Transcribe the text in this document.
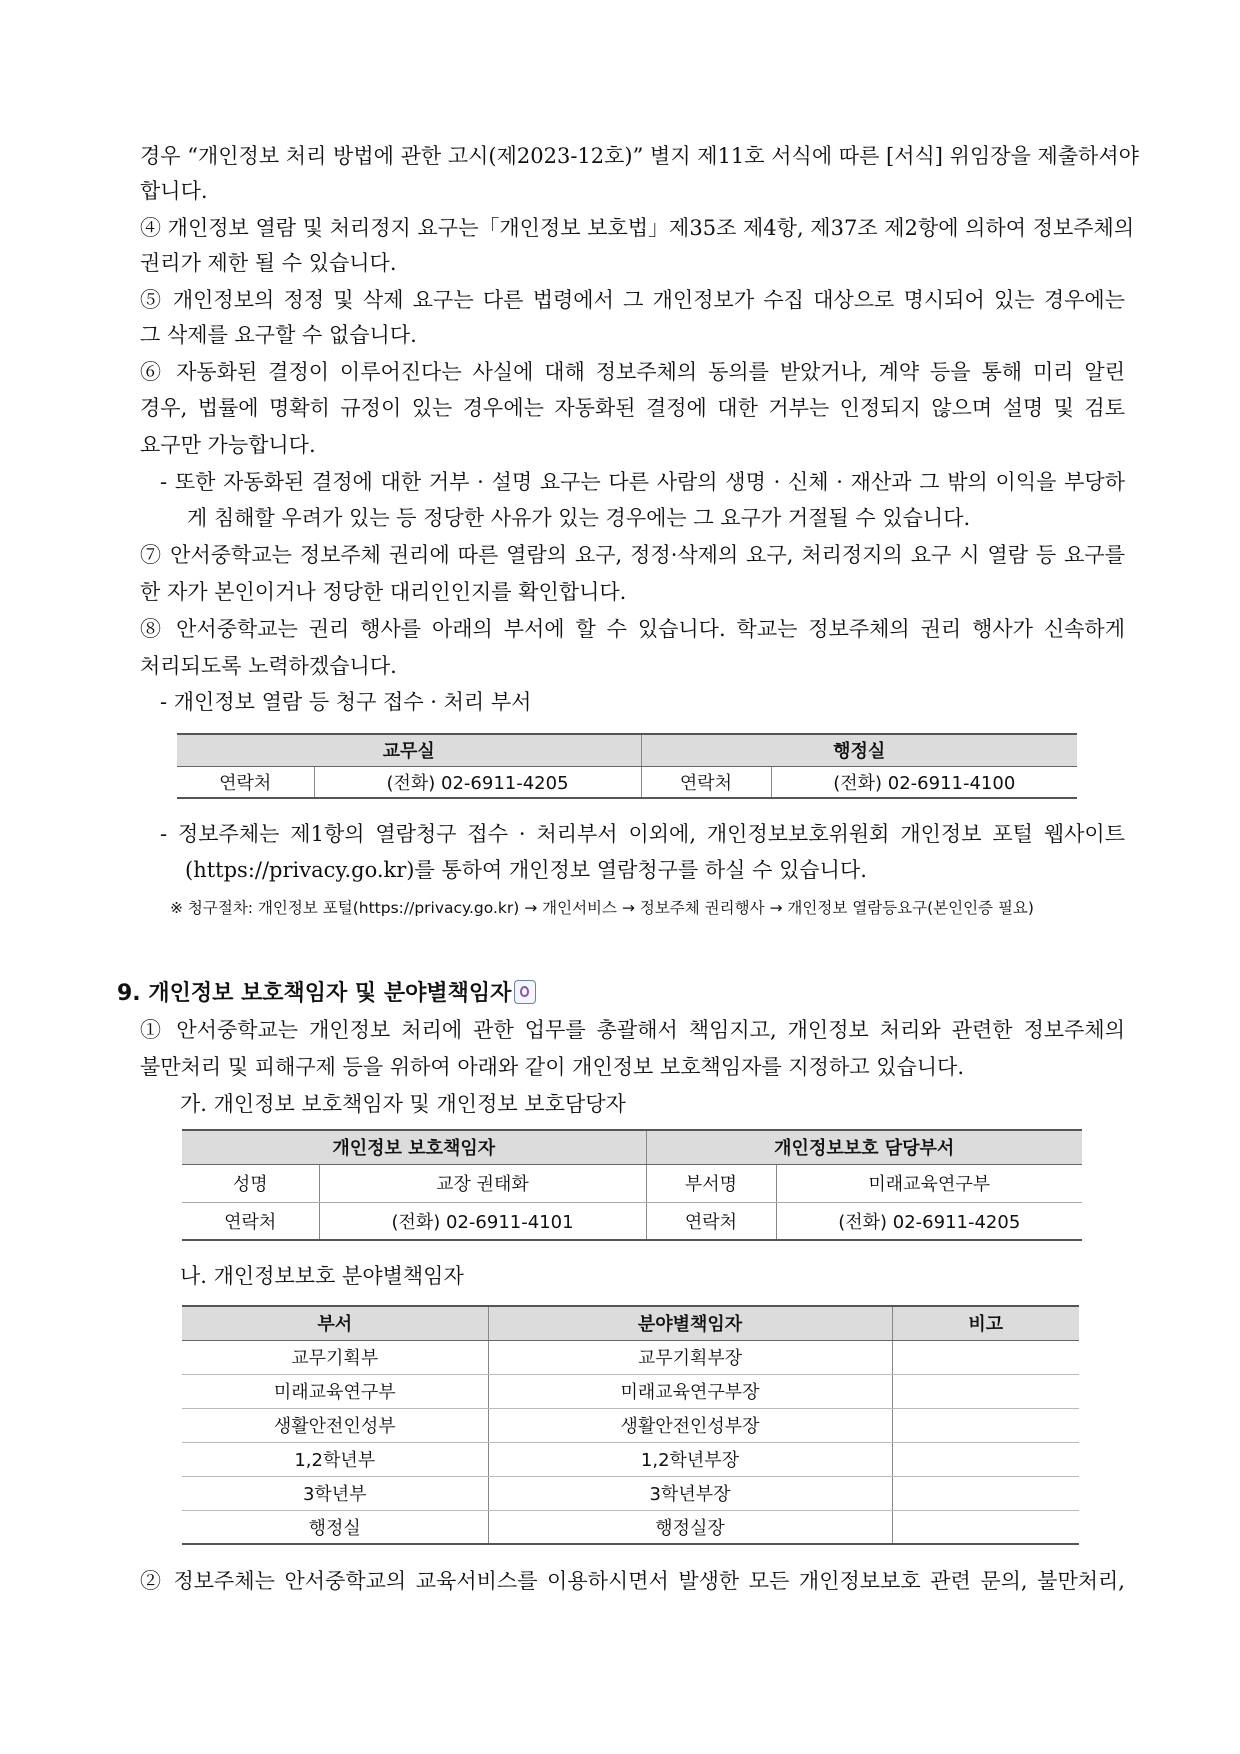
경우 “개인정보 처리 방법에 관한 고시(제2023-12호)” 별지 제11호 서식에 따른 [서식] 위임장을 제출하셔야
합니다.
④ 개인정보 열람 및 처리정지 요구는「개인정보 보호법」제35조 제4항, 제37조 제2항에 의하여 정보주체의
권리가 제한 될 수 있습니다.
⑤ 개인정보의 정정 및 삭제 요구는 다른 법령에서 그 개인정보가 수집 대상으로 명시되어 있는 경우에는
그 삭제를 요구할 수 없습니다.
⑥ 자동화된 결정이 이루어진다는 사실에 대해 정보주체의 동의를 받았거나, 계약 등을 통해 미리 알린
경우, 법률에 명확히 규정이 있는 경우에는 자동화된 결정에 대한 거부는 인정되지 않으며 설명 및 검토
요구만 가능합니다.
- 또한 자동화된 결정에 대한 거부 · 설명 요구는 다른 사람의 생명 · 신체 · 재산과 그 밖의 이익을 부당하
게 침해할 우려가 있는 등 정당한 사유가 있는 경우에는 그 요구가 거절될 수 있습니다.
⑦ 안서중학교는 정보주체 권리에 따른 열람의 요구, 정정·삭제의 요구, 처리정지의 요구 시 열람 등 요구를
한 자가 본인이거나 정당한 대리인인지를 확인합니다.
⑧ 안서중학교는 권리 행사를 아래의 부서에 할 수 있습니다. 학교는 정보주체의 권리 행사가 신속하게
처리되도록 노력하겠습니다.
- 개인정보 열람 등 청구 접수 · 처리 부서
교무실		행정실	
연락처	(전화) 02-6911-4205	연락처	(전화) 02-6911-4100
- 정보주체는 제1항의 열람청구 접수 · 처리부서 이외에, 개인정보보호위원회 개인정보 포털 웹사이트
(https://privacy.go.kr)를 통하여 개인정보 열람청구를 하실 수 있습니다.
※ 청구절차: 개인정보 포털(https://privacy.go.kr) → 개인서비스 → 정보주체 권리행사 → 개인정보 열람등요구(본인인증 필요)
9. 개인정보 보호책임자 및 분야별책임자
① 안서중학교는 개인정보 처리에 관한 업무를 총괄해서 책임지고, 개인정보 처리와 관련한 정보주체의
불만처리 및 피해구제 등을 위하여 아래와 같이 개인정보 보호책임자를 지정하고 있습니다.
가. 개인정보 보호책임자 및 개인정보 보호담당자
개인정보 보호책임자		개인정보보호 담당부서	
성명	교장 권태화	부서명	미래교육연구부
연락처	(전화) 02-6911-4101	연락처	(전화) 02-6911-4205
나. 개인정보보호 분야별책임자
부서	분야별책임자	비고
교무기획부	교무기획부장	
미래교육연구부	미래교육연구부장	
생활안전인성부	생활안전인성부장	
1,2학년부	1,2학년부장	
3학년부	3학년부장	
행정실	행정실장	
② 정보주체는 안서중학교의 교육서비스를 이용하시면서 발생한 모든 개인정보보호 관련 문의, 불만처리,
